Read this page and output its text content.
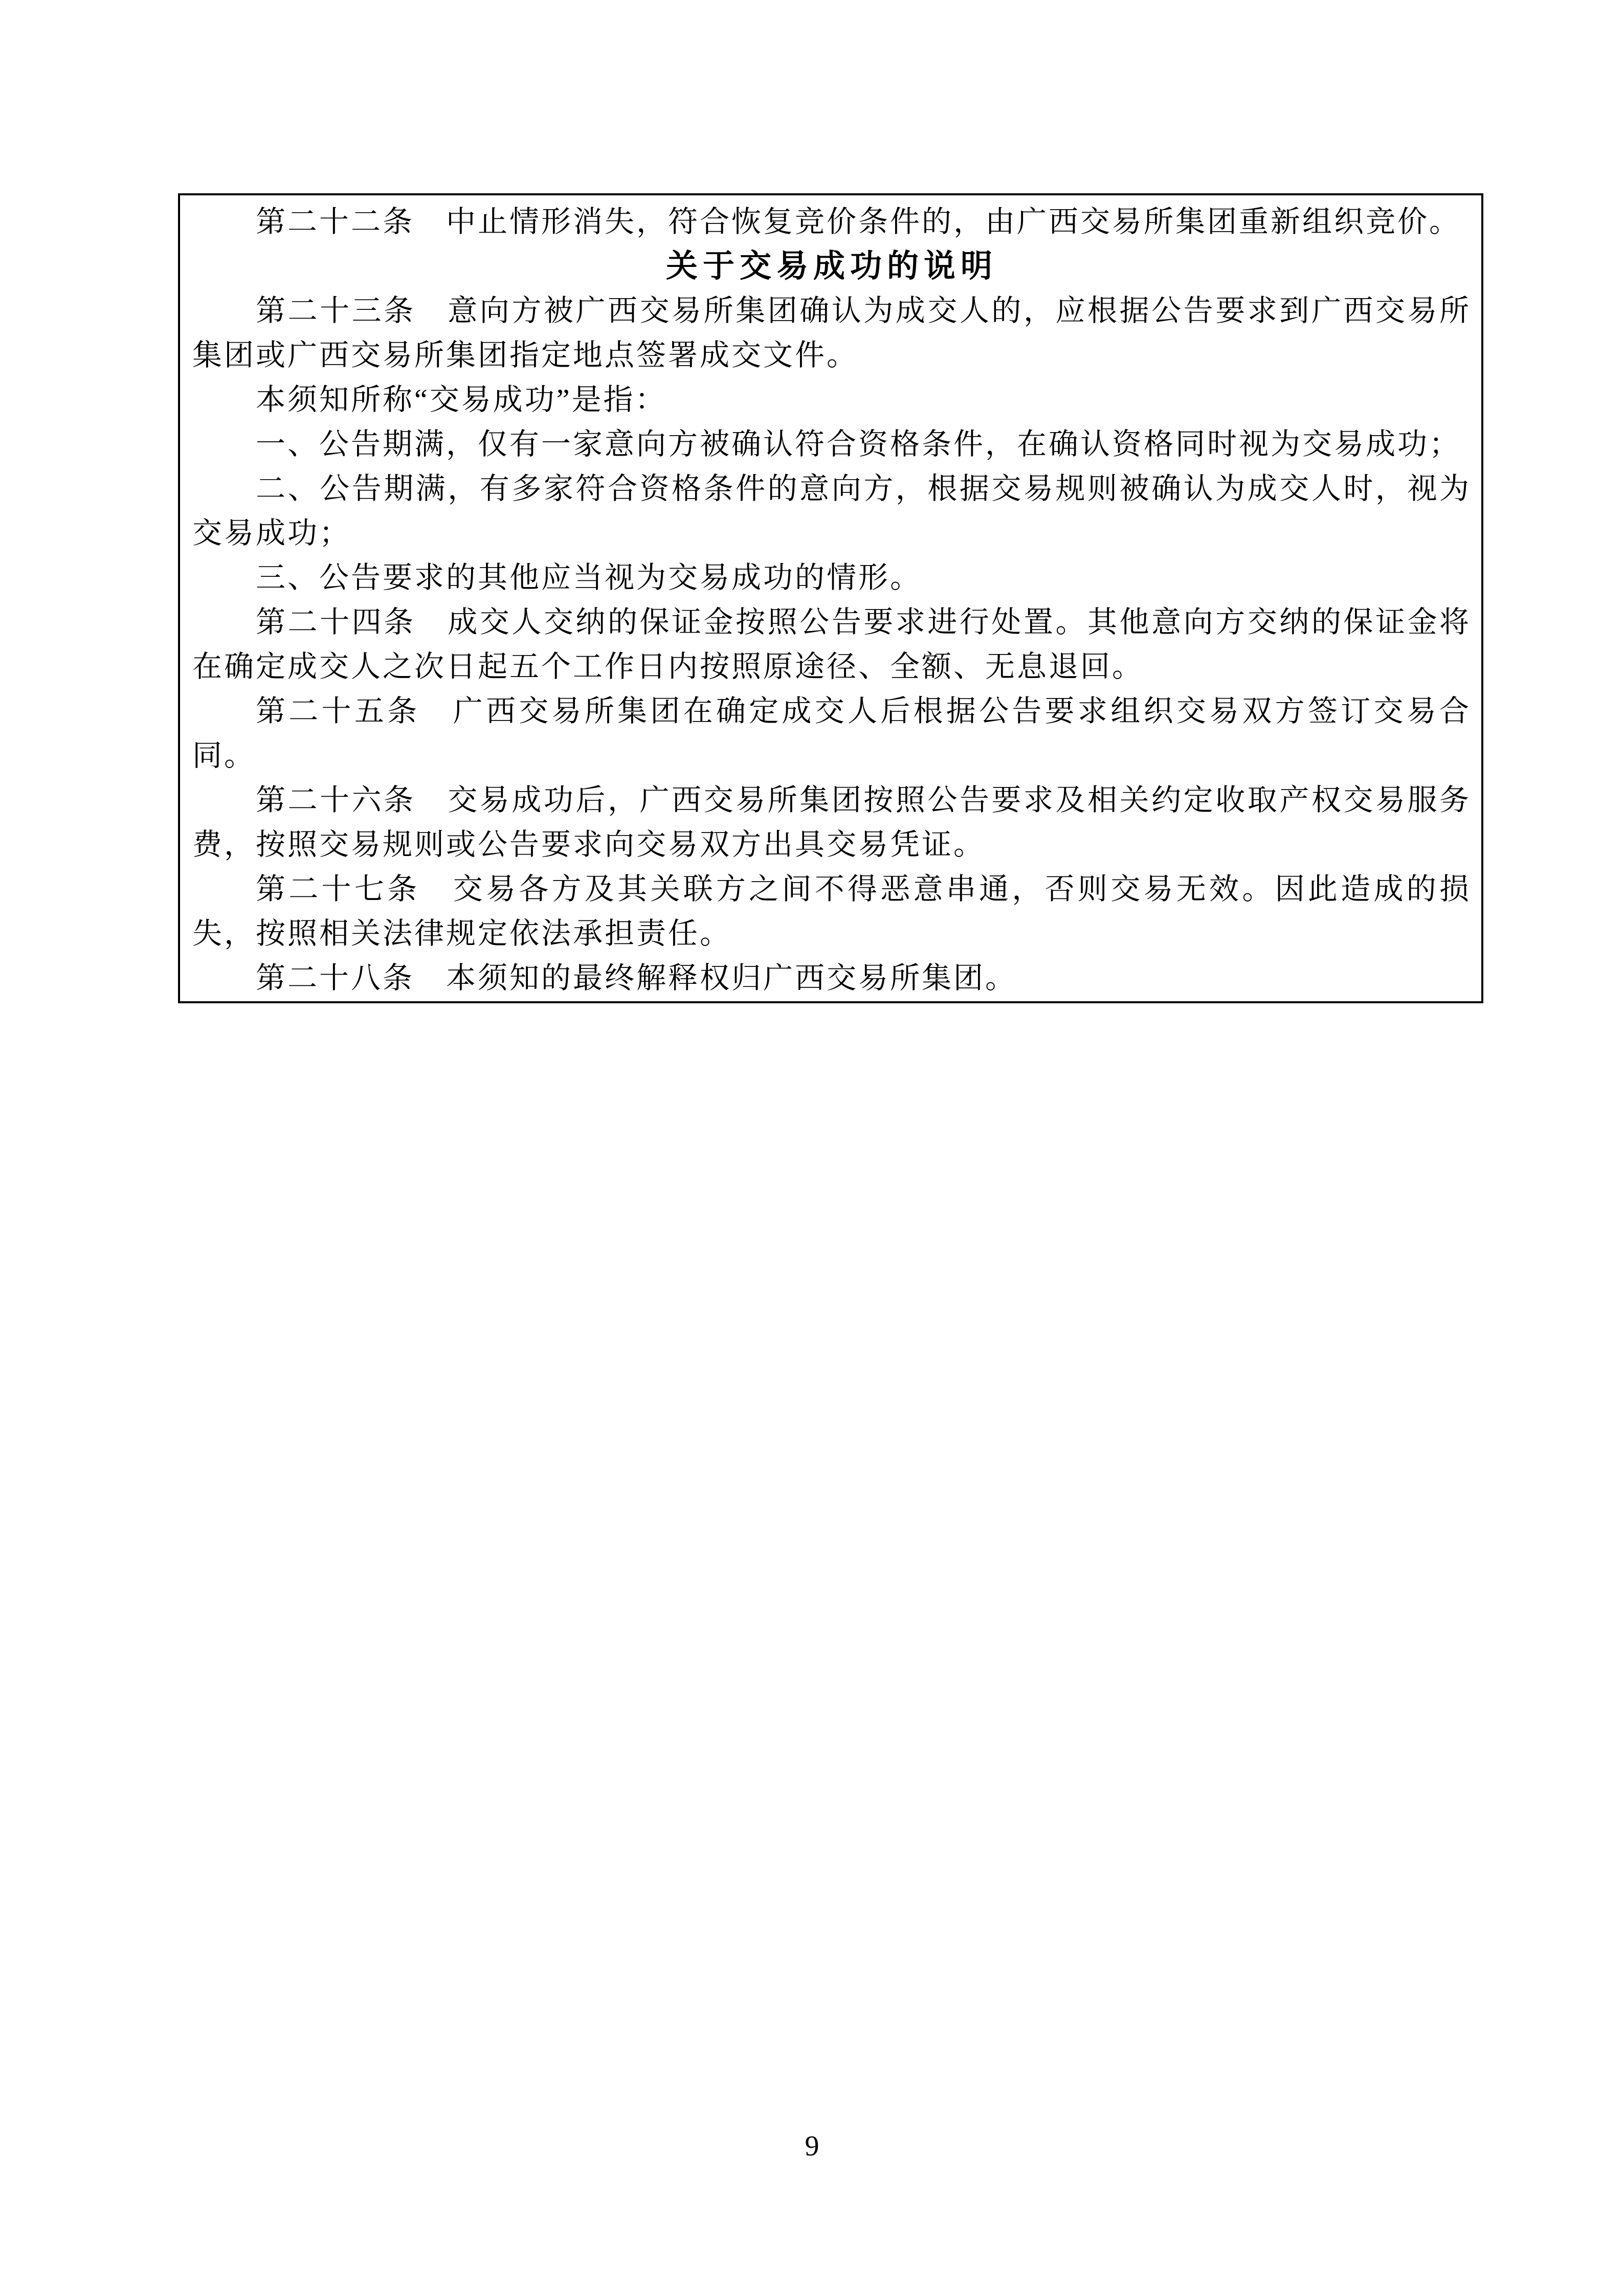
第二十二条　中止情形消失，符合恢复竞价条件的，由广西交易所集团重新组织竞价。

关于交易成功的说明

第二十三条　意向方被广西交易所集团确认为成交人的，应根据公告要求到广西交易所集团或广西交易所集团指定地点签署成交文件。

本须知所称“交易成功”是指：

一、公告期满，仅有一家意向方被确认符合资格条件，在确认资格同时视为交易成功；

二、公告期满，有多家符合资格条件的意向方，根据交易规则被确认为成交人时，视为交易成功；

三、公告要求的其他应当视为交易成功的情形。

第二十四条　成交人交纳的保证金按照公告要求进行处置。其他意向方交纳的保证金将在确定成交人之次日起五个工作日内按照原途径、全额、无息退回。

第二十五条　广西交易所集团在确定成交人后根据公告要求组织交易双方签订交易合同。

第二十六条　交易成功后，广西交易所集团按照公告要求及相关约定收取产权交易服务费，按照交易规则或公告要求向交易双方出具交易凭证。

第二十七条　交易各方及其关联方之间不得恶意串通，否则交易无效。因此造成的损失，按照相关法律规定依法承担责任。

第二十八条　本须知的最终解释权归广西交易所集团。

9
